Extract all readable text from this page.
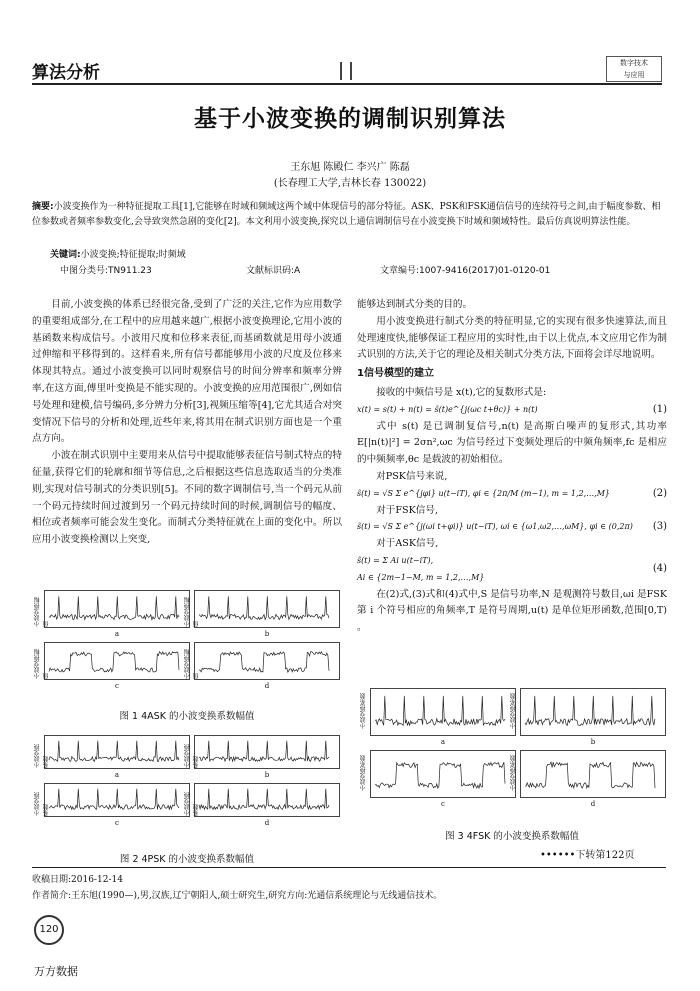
算法分析	数字技术
与应用
基于小波变换的调制识别算法
王东旭 陈殿仁 李兴广 陈磊
(长春理工大学,吉林长春 130022)
摘要:小波变换作为一种特征提取工具[1],它能够在时域和频域这两个域中体现信号的部分特征。ASK、PSK和FSK通信信号的连续符号之间,由于幅度参数、相位参数或者频率参数变化,会导致突然急剧的变化[2]。本文利用小波变换,探究以上通信调制信号在小波变换下时域和频域特性。最后仿真说明算法性能。
关键词:小波变换;特征提取;时频域
中图分类号:TN911.23	文献标识码:A	文章编号:1007-9416(2017)01-0120-01

目前,小波变换的体系已经很完备,受到了广泛的关注,它作为应用数学的重要组成部分,在工程中的应用越来越广,根据小波变换理论,它用小波的基函数来构成信号。小波用尺度和位移来表征,而基函数就是用母小波通过伸缩和平移得到的。这样看来,所有信号都能够用小波的尺度及位移来体现其特点。通过小波变换可以同时观察信号的时间分辨率和频率分辨率,在这方面,傅里叶变换是不能实现的。小波变换的应用范围很广,例如信号处理和建模,信号编码,多分辨力分析[3],视频压缩等[4],它尤其适合对突变情况下信号的分析和处理,近些年来,将其用在制式识别方面也是一个重点方向。

小波在制式识别中主要用来从信号中提取能够表征信号制式特点的特征量,获得它们的轮廓和细节等信息,之后根据这些信息选取适当的分类准则,实现对信号制式的分类识别[5]。不同的数字调制信号,当一个码元从前一个码元持续时间过渡到另一个码元持续时间的时候,调制信号的幅度、相位或者频率可能会发生变化。而制式分类特征就在上面的变化中。所以应用小波变换检测以上突变,

小波变换幅值
a
小波变换幅值
b
小波变换幅值
c
小波变换幅值
d
图 1 4ASK 的小波变换系数幅值
小波变换系数
a
小波变换系数
b
小波变换系数
c
小波变换系数
d
图 2 4PSK 的小波变换系数幅值
能够达到制式分类的目的。

用小波变换进行制式分类的特征明显,它的实现有很多快速算法,而且处理速度快,能够保证工程应用的实时性,由于以上优点,本文应用它作为制式识别的方法,关于它的理论及相关制式分类方法,下面将会详尽地说明。

1信号模型的建立

接收的中频信号是 x(t),它的复数形式是:

x(t) = s(t) + n(t) = s̃(t)e^{j(ωc t+θc)} + n(t)	(1)

式中 s(t) 是已调制复信号,n(t) 是高斯白噪声的复形式,其功率 E[|n(t)|²] = 2σn²,ωc 为信号经过下变频处理后的中频角频率,fc 是相应的中频频率,θc 是载波的初始相位。

对PSK信号来说,

s̃(t) = √S Σ e^{jφi} u(t−iT), φi ∈ {2π/M (m−1), m = 1,2,…,M}	(2)

对于FSK信号,

s̃(t) = √S Σ e^{j(ωi t+φi)} u(t−iT), ωi ∈ {ω1,ω2,…,ωM}, φi ∈ (0,2π) (3)

对于ASK信号,

s̃(t) = Σ Ai u(t−iT),
Ai ∈ {2m−1−M, m = 1,2,…,M}
(4)

在(2)式,(3)式和(4)式中,S 是信号功率,N 是观测符号数目,ωi 是FSK第 i 个符号相应的角频率,T 是符号周期,u(t) 是单位矩形函数,范围[0,T) 。

小波变换系数
a
小波变换系数
b
小波变换系数
c
小波变换系数
d
图 3 4FSK 的小波变换系数幅值
••••••下转第122页
收稿日期:2016-12-14
作者简介:王东旭(1990—),男,汉族,辽宁朝阳人,硕士研究生,研究方向:光通信系统理论与无线通信技术。
120
万方数据
